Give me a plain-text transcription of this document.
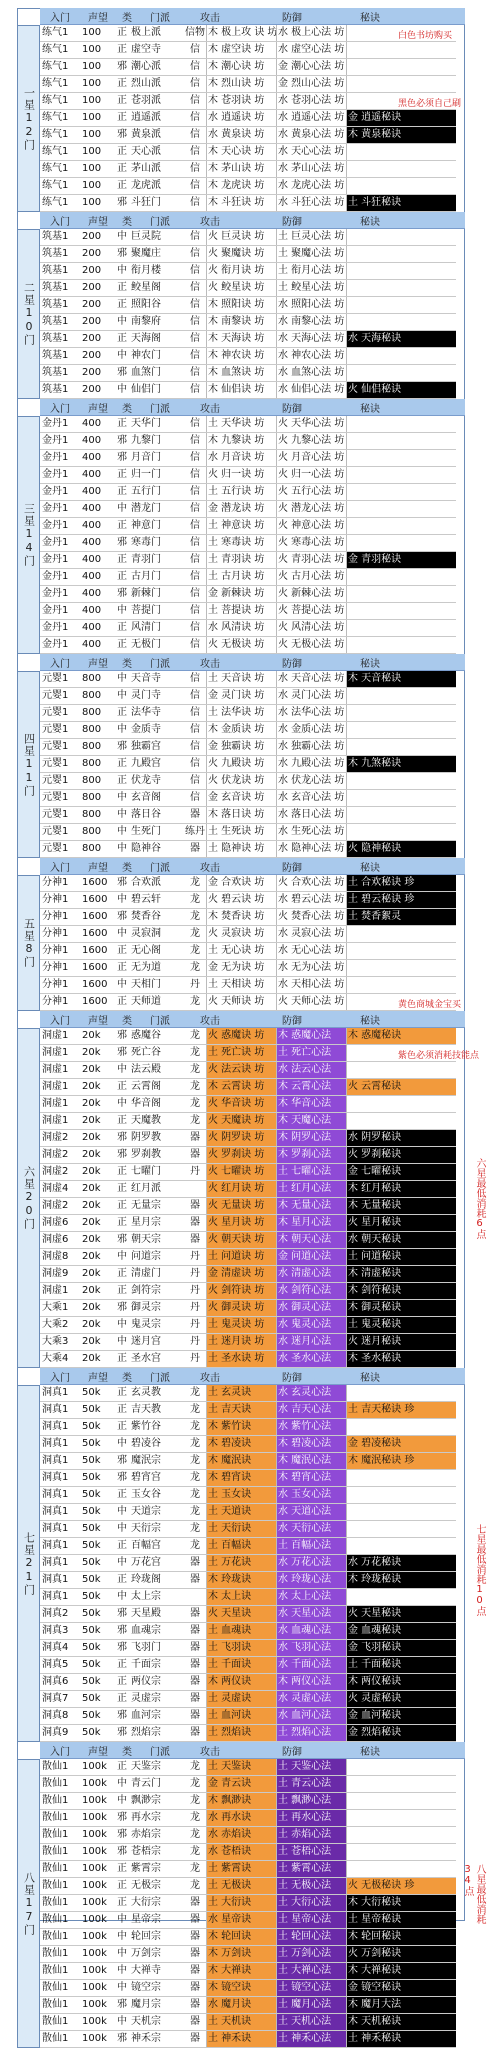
入门 声望 类 门派	攻击	防御	秘诀
一星12门
练气1	100	正 极上派	信物 木 极上攻 诀 坊 水 极上心法 坊	白色书坊购买
练气1	100	正 虚空寺	信 木 虚空诀 坊	水 虚空心法 坊
练气1	100	邪 潮心派	信 木 潮心诀 坊	金 潮心心法 坊
练气1	100	正 烈山派	信 木 烈山诀 坊	金 烈山心法 坊
练气1	100	正 苍羽派	信 木 苍羽诀 坊	水 苍羽心法 坊	黑色必须自己刷
练气1	100	正 逍遥派	信 水 逍遥诀 坊	水 逍遥心法 坊 金 逍遥秘诀
练气1	100	邪 黄泉派	信 水 黄泉诀 坊	水 黄泉心法 坊 木 黄泉秘诀
练气1	100	正 天心派	信 木 天心诀 坊	水 天心心法 坊
练气1	100	正 茅山派	信 木 茅山诀 坊	水 茅山心法 坊
练气1	100	正 龙虎派	信 木 龙虎诀 坊	水 龙虎心法 坊
练气1	100	邪 斗狂门	信 木 斗狂诀 坊	水 斗狂心法 坊 土 斗狂秘诀
入门 声望 类 门派	攻击	防御	秘诀
二星10门
筑基1	200	中 巨灵院	信 火 巨灵诀 坊	土 巨灵心法 坊
筑基1	200	邪 聚魔庄	信 火 聚魔诀 坊	土 聚魔心法 坊
筑基1	200	中 衔月楼	信 火 衔月诀 坊	土 衔月心法 坊
筑基1	200	正 鲛星阁	信 火 鲛星诀 坊	土 鲛星心法 坊
筑基1	200	正 照阳谷	信 木 照阳诀 坊	水 照阳心法 坊
筑基1	200	中 南黎府	信 木 南黎诀 坊	水 南黎心法 坊
筑基1	200	正 天海阁	信 木 天海诀 坊	水 天海心法 坊 水 天海秘诀
筑基1	200	中 神农门	信 木 神农诀 坊	水 神农心法 坊
筑基1	200	邪 血煞门	信 木 血煞诀 坊	水 血煞心法 坊
筑基1	200	中 仙侣门	信 木 仙侣诀 坊	水 仙侣心法 坊 火 仙侣秘诀
入门 声望 类 门派	攻击	防御	秘诀
三星14门
金丹1	400	正 天华门	信 土 天华诀 坊	火 天华心法 坊
金丹1	400	邪 九黎门	信 木 九黎诀 坊	火 九黎心法 坊
金丹1	400	邪 月音门	信 水 月音诀 坊	火 月音心法 坊
金丹1	400	正 归一门	信 火 归一诀 坊	火 归一心法 坊
金丹1	400	正 五行门	信 土 五行诀 坊	火 五行心法 坊
金丹1	400	中 潜龙门	信 金 潜龙诀 坊	火 潜龙心法 坊
金丹1	400	正 神意门	信 土 神意诀 坊	火 神意心法 坊
金丹1	400	邪 寒毒门	信 土 寒毒诀 坊	火 寒毒心法 坊
金丹1	400	正 青羽门	信 土 青羽诀 坊	火 青羽心法 坊 金 青羽秘诀
金丹1	400	正 古月门	信 土 古月诀 坊	火 古月心法 坊
金丹1	400	邪 新棘门	信 金 新棘诀 坊	火 新棘心法 坊
金丹1	400	中 菩提门	信 土 菩提诀 坊	火 菩提心法 坊
金丹1	400	正 风清门	信 水 风清诀 坊	火 风清心法 坊
金丹1	400	正 无极门	信 火 无极诀 坊	火 无极心法 坊
入门 声望 类 门派	攻击	防御	秘诀
四星11门
元婴1	800	中 天音寺	信 土 天音诀 坊	水 天音心法 坊 木 天音秘诀
元婴1	800	中 灵门寺	信 金 灵门诀 坊	水 灵门心法 坊
元婴1	800	正 法华寺	信 土 法华诀 坊	水 法华心法 坊
元婴1	800	中 金质寺	信 木 金质诀 坊	水 金质心法 坊
元婴1	800	邪 独霸宫	信 金 独霸诀 坊	水 独霸心法 坊
元婴1	800	正 九殿宫	信 火 九殿诀 坊	水 九殿心法 坊 木 九煞秘诀
元婴1	800	正 伏龙寺	信 火 伏龙诀 坊	水 伏龙心法 坊
元婴1	800	中 玄音阁	信 金 玄音诀 坊	水 玄音心法 坊
元婴1	800	中 落日谷	器 木 落日诀 坊	水 落日心法 坊
元婴1	800	中 生死门	练丹 土 生死诀 坊	水 生死心法 坊
元婴1	800	中 隐神谷	器 土 隐神诀 坊	水 隐神心法 坊 火 隐神秘诀
入门 声望 类 门派	攻击	防御	秘诀
五星8门
分神1	1600 邪 合欢派	龙 金 合欢诀 坊	火 合欢心法 坊 土 合欢秘诀 珍
分神1	1600 中 碧云轩	龙 火 碧云诀 坊	水 碧云心法 坊 土 碧云秘诀 珍
分神1	1600 邪 焚香谷	龙 木 焚香诀 坊	火 焚香心法 坊 土 焚香絮灵
分神1	1600 中 灵寂洞	龙 火 灵寂诀 坊	水 灵寂心法 坊
分神1	1600 正 无心阁	龙 土 无心诀 坊	水 无心心法 坊
分神1	1600 正 无为道	龙 金 无为诀 坊	水 无为心法 坊
分神1	1600 中 天相门	丹 土 天相诀 坊	水 天相心法 坊
分神1	1600 正 天师道	龙 火 天师诀 坊	火 天师心法 坊	黄色商城金宝买
入门 声望 类 门派	攻击	防御	秘诀
六星20门
洞虚1	20k	邪 惑魔谷	龙 火 惑魔诀 坊	木 惑魔心法	木 惑魔秘诀
洞虚1	20k	邪 死亡谷	龙 土 死亡诀 坊	土 死亡心法	紫色必须消耗技能点
洞虚1	20k	中 法云殿	龙 火 法云诀 坊	水 法云心法
洞虚1	20k	正 云霄阁	龙 木 云霄诀 坊	木 云霄心法	火 云霄秘诀
洞虚1	20k	中 华音阁	龙 火 华音诀 坊	木 华音心法
洞虚1	20k	正 天魔教	龙 火 天魔诀 坊	木 天魔心法
洞虚2	20k	邪 阴罗教	器 火 阴罗诀 坊	木 阴罗心法	水 阴罗秘诀
洞虚2	20k	邪 罗刹教	器 火 罗刹诀 坊	木 罗刹心法	火 罗刹秘诀
洞虚2	20k	正 七曜门	丹 火 七曜诀 坊	土 七曜心法	金 七曜秘诀
洞虚4	20k	正 红月派	火 红月诀 坊	土 红月心法	木 红月秘诀
洞虚2	20k	正 无量宗	器 火 无量诀 坊	木 无量心法	木 无量秘诀
洞虚6	20k	正 星月宗	器 火 星月诀 坊	木 星月心法	火 星月秘诀
洞虚6	20k	邪 朝天宗	器 火 朝天诀 坊	木 朝天心法	水 朝天秘诀
洞虚8	20k	中 问道宗	丹 土 问道诀 坊	金 问道心法	土 问道秘诀
洞虚9	20k	正 清虚门	丹 金 清虚诀 坊	水 清虚心法	木 清虚秘诀
洞虚1	20k	正 剑符宗	丹 火 剑符诀 坊	水 剑符心法	木 剑符秘诀
大乘1	20k	邪 御灵宗	丹 火 御灵诀 坊	水 御灵心法	木 御灵秘诀
大乘2	20k	中 鬼灵宗	丹 土 鬼灵诀 坊	水 鬼灵心法	土 鬼灵秘诀
大乘3	20k	中 迷月宫	丹 土 迷月诀 坊	水 迷月心法	火 迷月秘诀
大乘4	20k	正 圣水宫	丹 土 圣水诀 坊	水 圣水心法	木 圣水秘诀
六星最低消耗6点
入门 声望 类 门派	攻击	防御	秘诀
七星21门
洞真1	50k	正 玄灵教	龙 土 玄灵诀	水 玄灵心法
洞真1	50k	正 吉天教	龙 土 吉天诀	水 吉天心法	土 吉天秘诀 珍
洞真1	50k	正 紫竹谷	龙 木 紫竹诀	水 紫竹心法
洞真1	50k	中 碧凌谷	龙 木 碧凌诀	木 碧凌心法	金 碧凌秘诀
洞真1	50k	邪 魔泯宗	龙 木 魔泯诀	木 魔泯心法	木 魔泯秘诀 珍
洞真1	50k	邪 碧宵宫	龙 木 碧宵诀	木 碧宵心法
洞真1	50k	正 玉女谷	龙 土 玉女诀	水 玉女心法
洞真1	50k	中 天道宗	龙 土 天道诀	水 天道心法
洞真1	50k	中 天衍宗	龙 土 天衍诀	水 天衍心法
洞真1	50k	正 百幅宫	龙 土 百幅诀	土 百幅心法
洞真1	50k	中 万花宫	器 土 万花诀	水 万花心法	水 万花秘诀
洞真1	50k	正 玲珑阁	器 木 玲珑诀	水 玲珑心法	木 玲珑秘诀
洞真1	50k	中 太上宗	木 太上诀	水 太上心法
洞真2	50k	邪 天星殿	器 火 天星诀	水 天星心法	火 天星秘诀
洞真3	50k	邪 血魂宗	器 土 血魂诀	水 血魂心法	金 血魂秘诀
洞真4	50k	邪 飞羽门	器 土 飞羽诀	水 飞羽心法	金 飞羽秘诀
洞真5	50k	正 千面宗	器 土 千面诀	水 千面心法	土 千面秘诀
洞真6	50k	正 两仪宗	器 木 两仪诀	木 两仪心法	木 两仪秘诀
洞真7	50k	正 灵虚宗	器 土 灵虚诀	水 灵虚心法	火 灵虚秘诀
洞真8	50k	邪 血河宗	器 土 血河诀	水 血河心法	金 血河秘诀
洞真9	50k	邪 烈焰宗	器 土 烈焰诀	土 烈焰心法	金 烈焰秘诀
七星最低消耗10点
入门 声望 类 门派	攻击	防御	秘诀
八星17门
散仙1	100k	正 天鉴宗	龙 土 天鉴诀	土 天鉴心法
散仙1	100k	中 青云门	龙 金 青云诀	土 青云心法
散仙1	100k	中 飘渺宗	龙 木 飘渺诀	土 飘渺心法
散仙1	100k	邪 再水宗	龙 水 再水诀	土 再水心法
散仙1	100k	邪 赤焰宗	龙 水 赤焰诀	土 赤焰心法
散仙1	100k	邪 苍梧宗	龙 水 苍梧诀	土 苍梧心法
散仙1	100k	正 紫霄宗	龙 土 紫霄诀	土 紫霄心法
散仙1	100k	正 无极宗	龙 土 无极诀	土 无极心法	火 无极秘诀 珍
散仙1	100k	正 大衍宗	器 土 大衍诀	土 大衍心法	木 大衍秘诀
散仙1	100k	中 星帝宗	器 水 星帝诀	土 星帝心法	土 星帝秘诀
散仙1	100k	中 轮回宗	器 木 轮回诀	土 轮回心法	木 轮回秘诀
散仙1	100k	中 万剑宗	器 木 万剑诀	土 万剑心法	火 万剑秘诀
散仙1	100k	中 大禅寺	器 木 大禅诀	土 大禅心法	木 大禅秘诀
散仙1	100k	中 镜空宗	器 木 镜空诀	土 镜空心法	金 镜空秘诀
散仙1	100k	邪 魔月宗	器 水 魔月诀	土 魔月心法	木 魔月大法
散仙1	100k	中 天机宗	器 土 天机诀	土 天机心法	木 天机秘诀
散仙1	100k	邪 神禾宗	器 土 神禾诀	土 神禾心法	土 神禾秘诀
八星最低消耗34点
